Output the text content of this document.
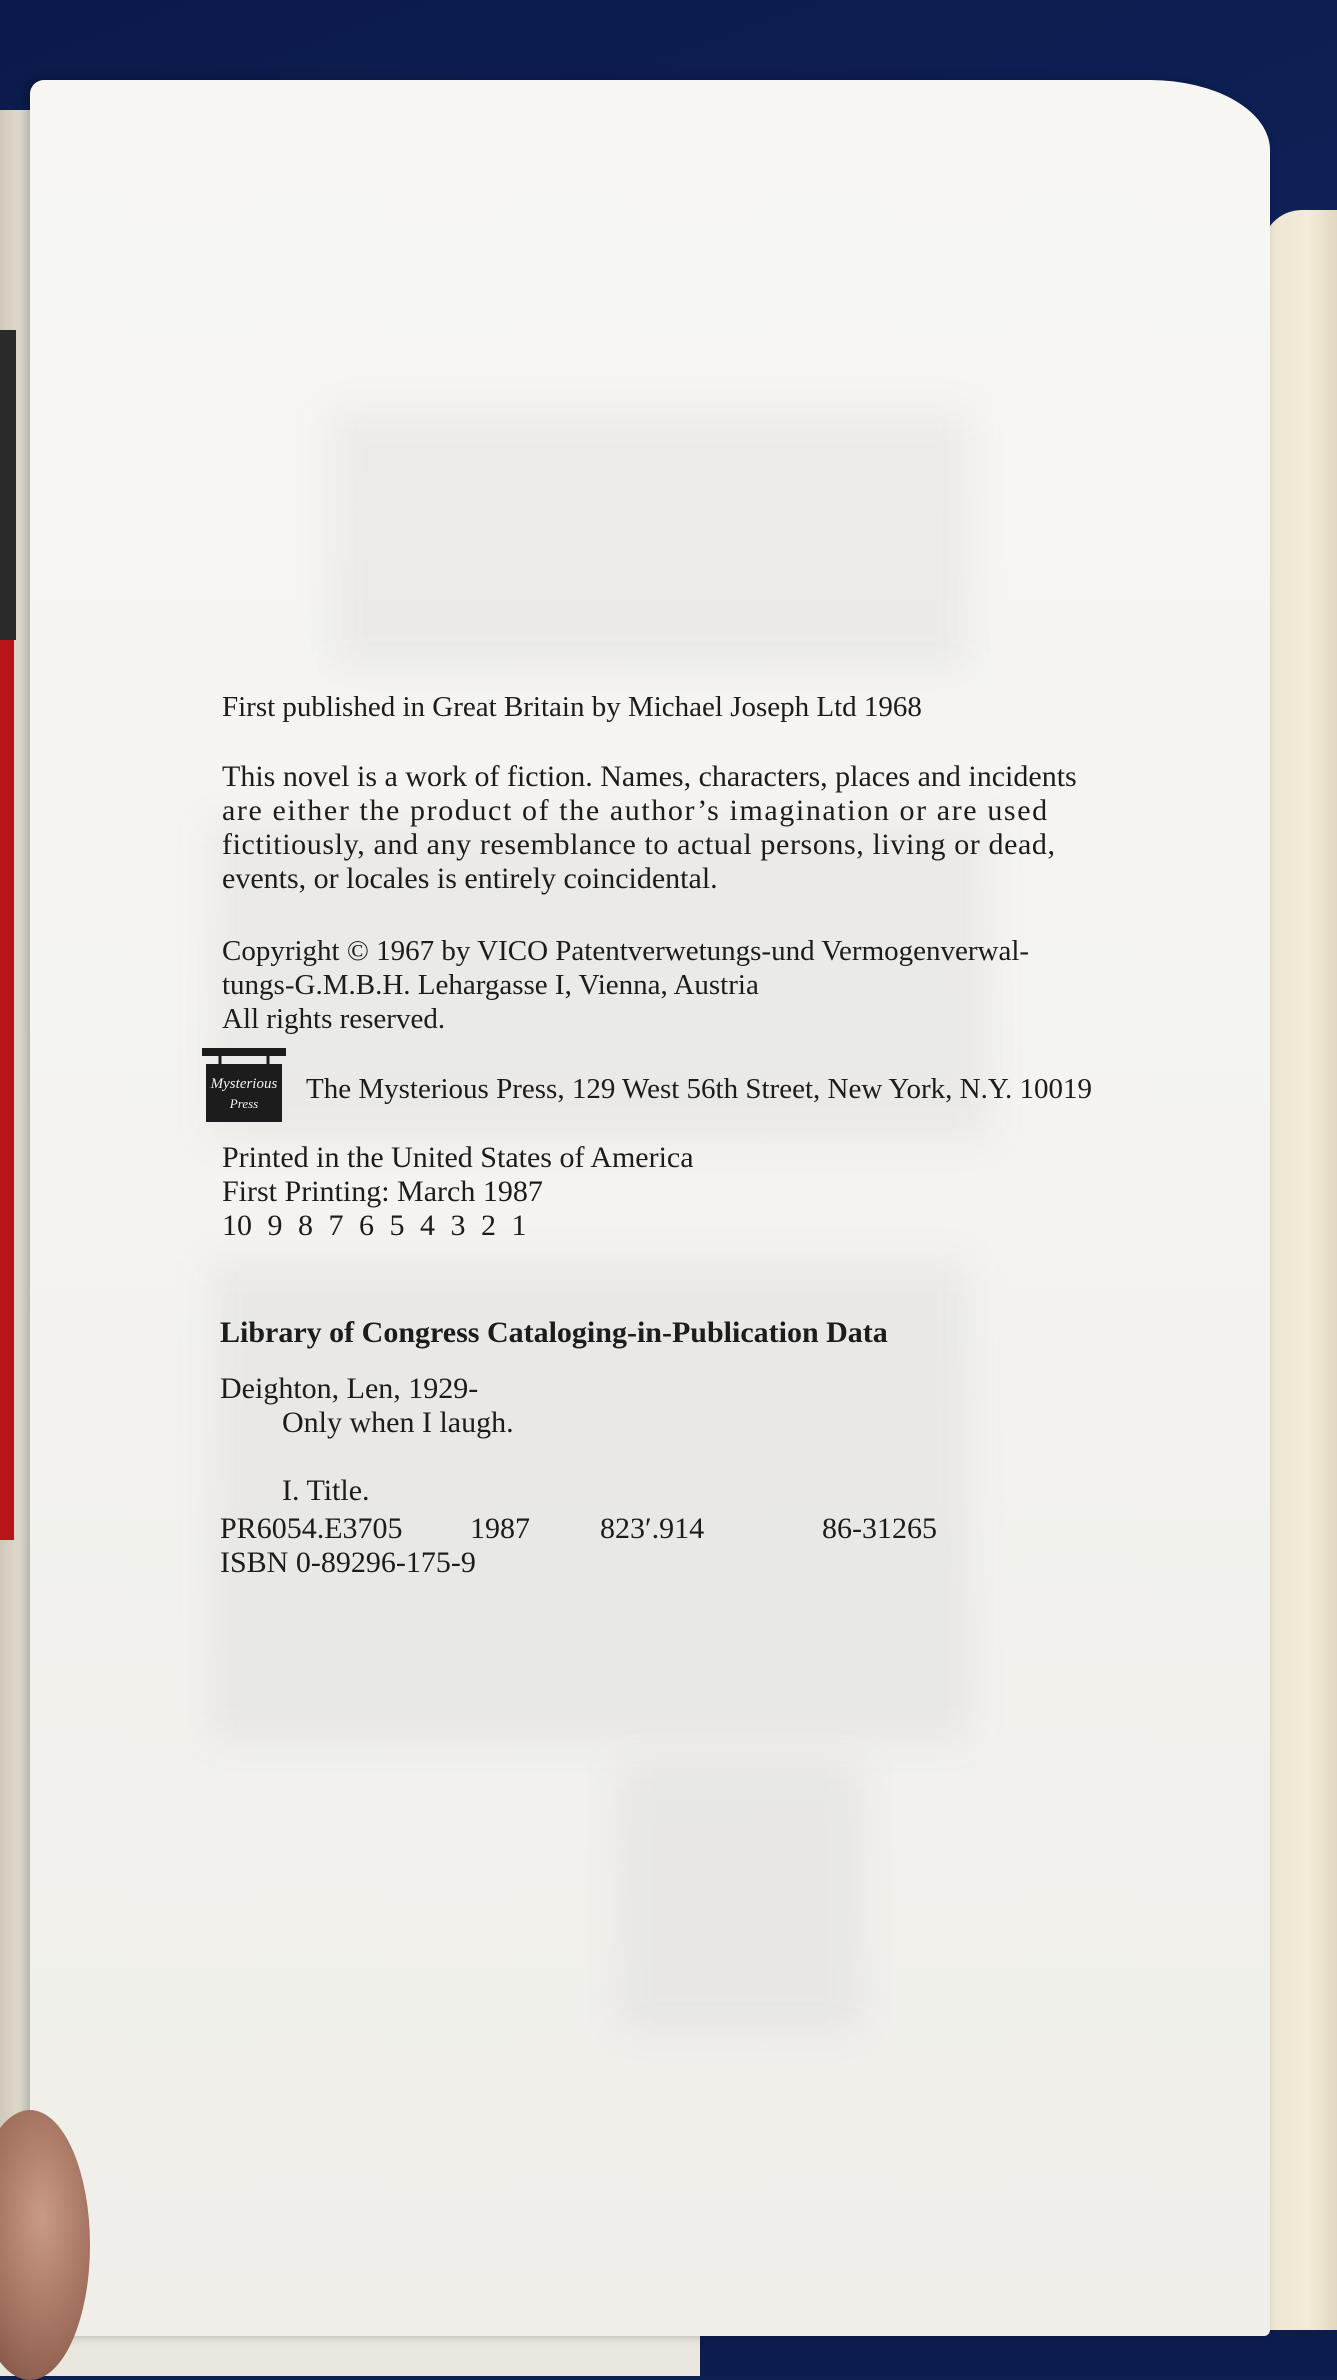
First published in Great Britain by Michael Joseph Ltd 1968
This novel is a work of fiction. Names, characters, places and incidents
are either the product of the author’s imagination or are used
fictitiously, and any resemblance to actual persons, living or dead,
events, or locales is entirely coincidental.
Copyright © 1967 by VICO Patentverwetungs-und Vermogenverwal-
tungs-G.M.B.H. Lehargasse I, Vienna, Austria
All rights reserved.
Mysterious
Press The Mysterious Press, 129 West 56th Street, New York, N.Y. 10019
Printed in the United States of America
First Printing: March 1987
10 9 8 7 6 5 4 3 2 1
Library of Congress Cataloging-in-Publication Data
Deighton, Len, 1929-
Only when I laugh.
I. Title.
PR6054.E3705 1987 823′.914	86-31265
ISBN 0-89296-175-9
